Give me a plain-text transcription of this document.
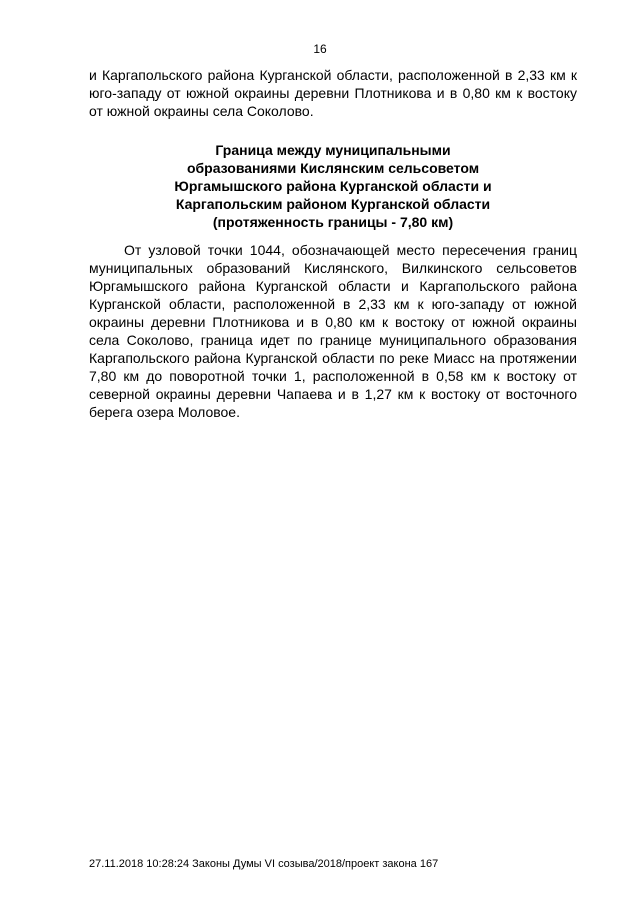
16

и Каргапольского района Курганской области, расположенной в 2,33 км к юго-западу от южной окраины деревни Плотникова и в 0,80 км к востоку от южной окраины села Соколово.

Граница между муниципальными
образованиями Кислянским сельсоветом
Юргамышского района Курганской области и
Каргапольским районом Курганской области
(протяженность границы - 7,80 км)

От узловой точки 1044, обозначающей место пересечения границ муниципальных образований Кислянского, Вилкинского сельсоветов Юргамышского района Курганской области и Каргапольского района Курганской области, расположенной в 2,33 км к юго-западу от южной окраины деревни Плотникова и в 0,80 км к востоку от южной окраины села Соколово, граница идет по границе муниципального образования Каргапольского района Курганской области по реке Миасс на протяжении 7,80 км до поворотной точки 1, расположенной в 0,58 км к востоку от северной окраины деревни Чапаева и в 1,27 км к востоку от восточного берега озера Моловое.

27.11.2018 10:28:24 Законы Думы VI созыва/2018/проект закона 167
